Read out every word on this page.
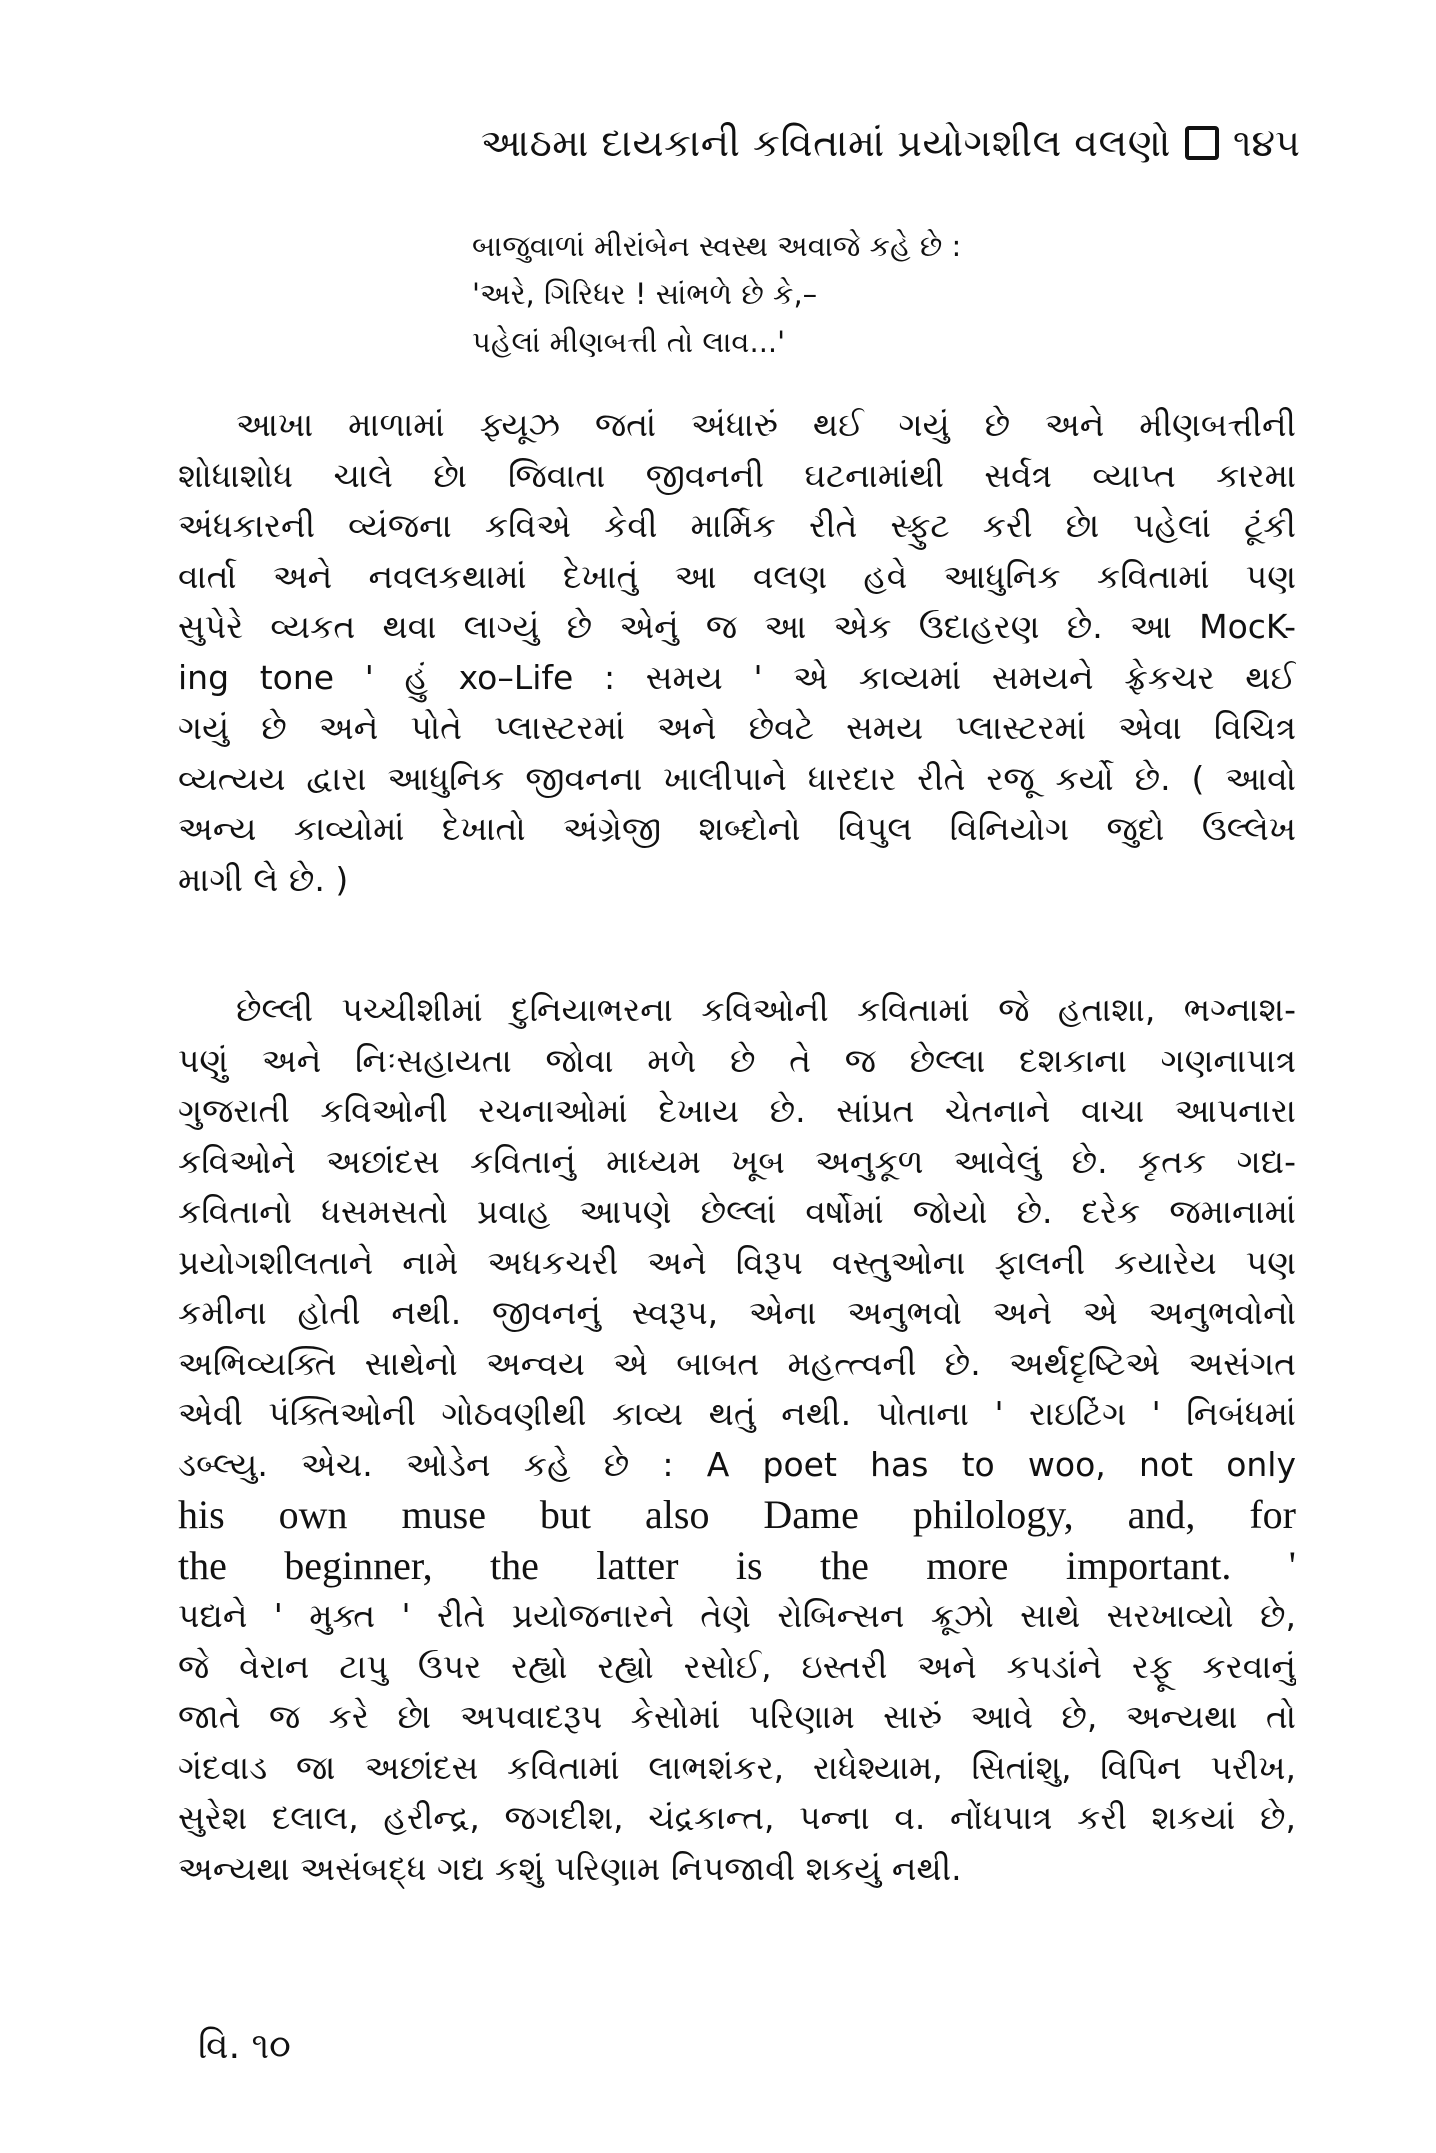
આઠમા દાયકાની કવિતામાં પ્રયોગશીલ વલણો ૧૪૫
બાજુવાળાં મીરાંબેન સ્વસ્થ અવાજે કહે છે :
'અરે, ગિરિધર ! સાંભળે છે કે,–
પહેલાં મીણબત્તી તો લાવ...'
આખા માળામાં ફ્યૂઝ જતાં અંધારું થઈ ગયું છે અને મીણબત્તીની
શોધાશોધ ચાલે છે। જિવાતા જીવનની ઘટનામાંથી સર્વત્ર વ્યાપ્ત કારમા
અંધકારની વ્યંજના કવિએ કેવી માર્મિક રીતે સ્ફુટ કરી છે। પહેલાં ટૂંકી
વાર્તા અને નવલકથામાં દેખાતું આ વલણ હવે આધુનિક કવિતામાં પણ
સુપેરે વ્યકત થવા લાગ્યું છે એનું જ આ એક ઉદાહરણ છે. આ MocK-
ing tone ' હું xo–Life : સમય ' એ કાવ્યમાં સમયને ફ્રેકચર થઈ
ગયું છે અને પોતે પ્લાસ્ટરમાં અને છેવટે સમય પ્લાસ્ટરમાં એવા વિચિત્ર
વ્યત્યય દ્વારા આધુનિક જીવનના ખાલીપાને ધારદાર રીતે રજૂ કર્યો છે. ( આવો
અન્ય કાવ્યોમાં દેખાતો અંગ્રેજી શબ્દોનો વિપુલ વિનિયોગ જુદો ઉલ્લેખ
માગી લે છે. )
છેલ્લી પચ્ચીશીમાં દુનિયાભરના કવિઓની કવિતામાં જે હતાશા, ભગ્નાશ-
પણું અને નિઃસહાયતા જોવા મળે છે તે જ છેલ્લા દશકાના ગણનાપાત્ર
ગુજરાતી કવિઓની રચનાઓમાં દેખાય છે. સાંપ્રત ચેતનાને વાચા આપનારા
કવિઓને અછાંદસ કવિતાનું માધ્યમ ખૂબ અનુકૂળ આવેલું છે. કૃતક ગદ્ય-
કવિતાનો ધસમસતો પ્રવાહ આપણે છેલ્લાં વર્ષોમાં જોયો છે. દરેક જમાનામાં
પ્રયોગશીલતાને નામે અધકચરી અને વિરૂપ વસ્તુઓના ફાલની કયારેય પણ
કમીના હોતી નથી. જીવનનું સ્વરૂપ, એના અનુભવો અને એ અનુભવોનો
અભિવ્યક્તિ સાથેનો અન્વય એ બાબત મહત્ત્વની છે. અર્થદૃષ્ટિએ અસંગત
એવી પંક્તિઓની ગોઠવણીથી કાવ્ય થતું નથી. પોતાના ' રાઇટિંગ ' નિબંધમાં
ડબ્લ્યુ. એચ. ઓડેન કહે છે : A poet has to woo, not only
his own muse but also Dame philology, and, for
the beginner, the latter is the more important. '
પદ્યને ' મુક્ત ' રીતે પ્રયોજનારને તેણે રોબિન્સન ક્રૂઝો સાથે સરખાવ્યો છે,
જે વેરાન ટાપુ ઉપર રહ્યો રહ્યો રસોઈ, ઇસ્તરી અને કપડાંને રફૂ કરવાનું
જાતે જ કરે છે। અપવાદરૂપ કેસોમાં પરિણામ સારું આવે છે, અન્યથા તો
ગંદવાડ જ। અછાંદસ કવિતામાં લાભશંકર, રાધેશ્યામ, સિતાંશુ, વિપિન પરીખ,
સુરેશ દલાલ, હરીન્દ્ર, જગદીશ, ચંદ્રકાન્ત, પન્ના વ. નોંધપાત્ર કરી શકયાં છે,
અન્યથા અસંબદ્ધ ગદ્ય કશું પરિણામ નિપજાવી શકયું નથી.
વિ. ૧૦
